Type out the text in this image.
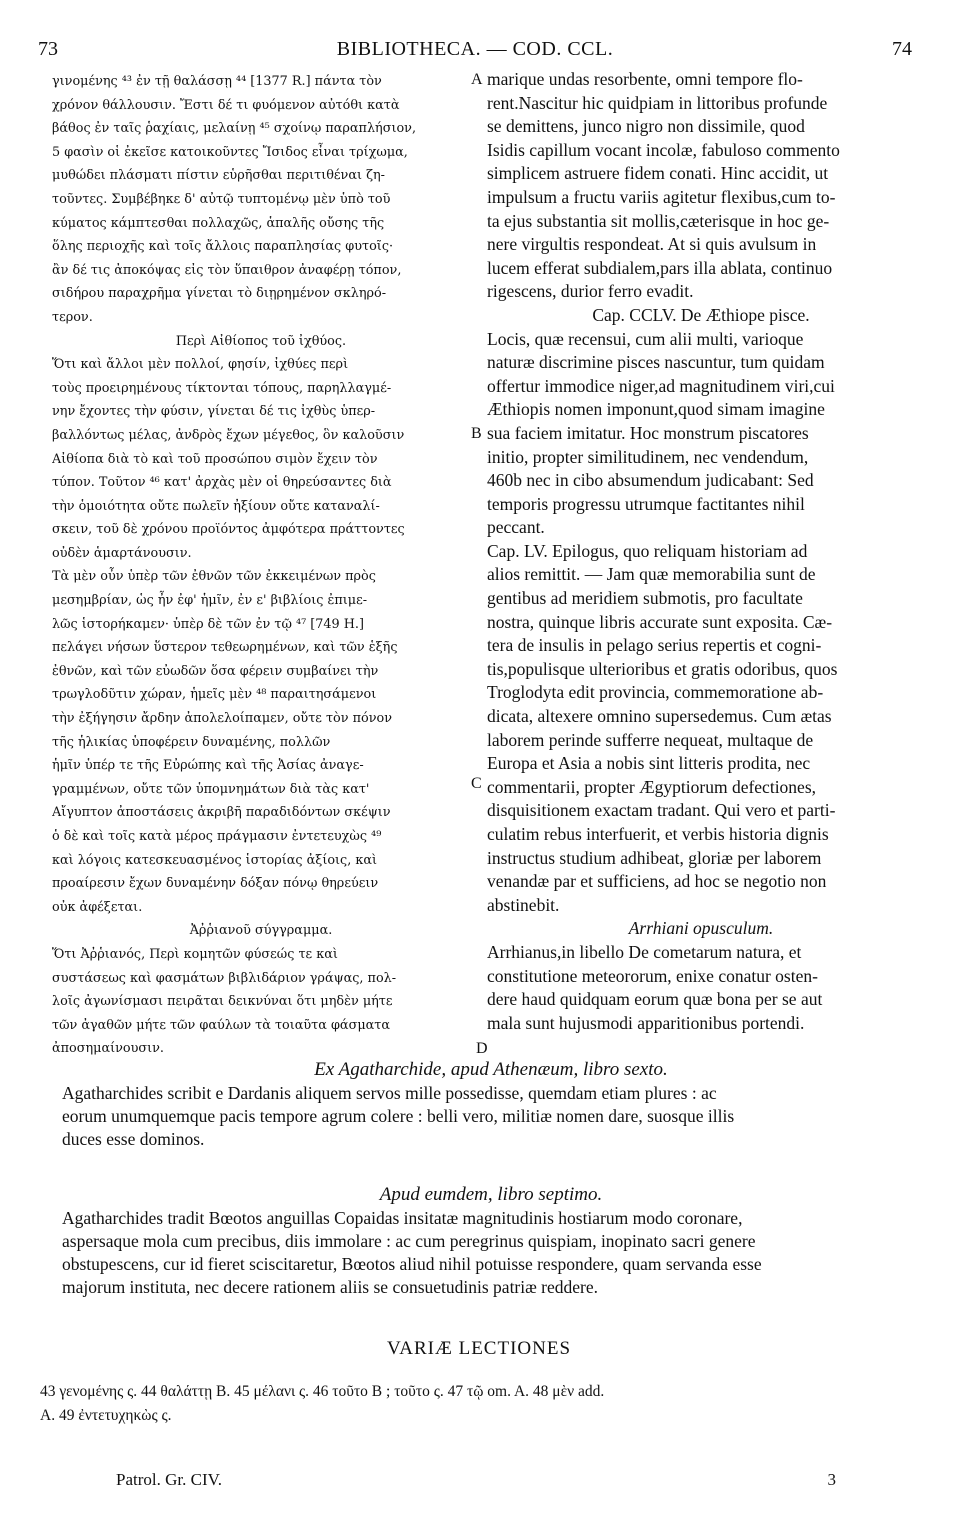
73	BIBLIOTHECA. — COD. CCL.	74
γινομένης ⁴³ ἐν τῇ θαλάσσῃ ⁴⁴ [1377 R.] πάντα τὸν
χρόνον θάλλουσιν. Ἔστι δέ τι φυόμενον αὐτόθι κατὰ
βάθος ἐν ταῖς ῥαχίαις, μελαίνῃ ⁴⁵ σχοίνῳ παραπλήσιον,
5 φασὶν οἱ ἐκεῖσε κατοικοῦντες Ἴσιδος εἶναι τρίχωμα,
μυθώδει πλάσματι πίστιν εὑρῆσθαι περιτιθέναι ζη-
τοῦντες. Συμβέβηκε δ' αὐτῷ τυπτομένῳ μὲν ὑπὸ τοῦ
κύματος κάμπτεσθαι πολλαχῶς, ἁπαλῆς οὔσης τῆς
ὅλης περιοχῆς καὶ τοῖς ἄλλοις παραπλησίας φυτοῖς·
ἂν δέ τις ἀποκόψας εἰς τὸν ὕπαιθρον ἀναφέρῃ τόπον,
σιδήρου παραχρῆμα γίνεται τὸ διῃρημένον σκληρό-
τερον.
Περὶ Αἰθίοπος τοῦ ἰχθύος.
Ὅτι καὶ ἄλλοι μὲν πολλοί, φησίν, ἰχθύες περὶ
τοὺς προειρημένους τίκτονται τόπους, παρηλλαγμέ-
νην ἔχοντες τὴν φύσιν, γίνεται δέ τις ἰχθὺς ὑπερ-
βαλλόντως μέλας, ἀνδρὸς ἔχων μέγεθος, ὃν καλοῦσιν
Αἰθίοπα διὰ τὸ καὶ τοῦ προσώπου σιμὸν ἔχειν τὸν
τύπον. Τοῦτον ⁴⁶ κατ' ἀρχὰς μὲν οἱ θηρεύσαντες διὰ
τὴν ὁμοιότητα οὔτε πωλεῖν ἠξίουν οὔτε καταναλί-
σκειν, τοῦ δὲ χρόνου προϊόντος ἀμφότερα πράττοντες
οὐδὲν ἁμαρτάνουσιν.
Τὰ μὲν οὖν ὑπὲρ τῶν ἐθνῶν τῶν ἐκκειμένων πρὸς
μεσημβρίαν, ὡς ἦν ἐφ' ἡμῖν, ἐν ε' βιβλίοις ἐπιμε-
λῶς ἱστορήκαμεν· ὑπὲρ δὲ τῶν ἐν τῷ ⁴⁷ [749 H.]
πελάγει νήσων ὕστερον τεθεωρημένων, καὶ τῶν ἑξῆς
ἐθνῶν, καὶ τῶν εὐωδῶν ὅσα φέρειν συμβαίνει τὴν
τρωγλοδῦτιν χώραν, ἡμεῖς μὲν ⁴⁸ παραιτησάμενοι
τὴν ἐξήγησιν ἄρδην ἀπολελοίπαμεν, οὔτε τὸν πόνον
τῆς ἡλικίας ὑποφέρειν δυναμένης, πολλῶν
ἡμῖν ὑπέρ τε τῆς Εὐρώπης καὶ τῆς Ἀσίας ἀναγε-
γραμμένων, οὔτε τῶν ὑπομνημάτων διὰ τὰς κατ'
Αἴγυπτον ἀποστάσεις ἀκριβῆ παραδιδόντων σκέψιν
ὁ δὲ καὶ τοῖς κατὰ μέρος πράγμασιν ἐντετευχὼς ⁴⁹
καὶ λόγοις κατεσκευασμένος ἱστορίας ἀξίοις, καὶ
προαίρεσιν ἔχων δυναμένην δόξαν πόνῳ θηρεύειν
οὐκ ἀφέξεται.
Ἀῤῥιανοῦ σύγγραμμα.
Ὅτι Ἀῤῥιανός, Περὶ κομητῶν φύσεώς τε καὶ
συστάσεως καὶ φασμάτων βιβλιδάριον γράψας, πολ-
λοῖς ἀγωνίσμασι πειρᾶται δεικνύναι ὅτι μηδὲν μήτε
τῶν ἀγαθῶν μήτε τῶν φαύλων τὰ τοιαῦτα φάσματα
ἀποσημαίνουσιν.
marique undas resorbente, omni tempore flo-
rent.Nascitur hic quidpiam in littoribus profunde
se demittens, junco nigro non dissimile, quod
Isidis capillum vocant incolæ, fabuloso commento
simplicem astruere fidem conati. Hinc accidit, ut
impulsum a fructu variis agitetur flexibus,cum to-
ta ejus substantia sit mollis,cæterisque in hoc ge-
nere virgultis respondeat. At si quis avulsum in
lucem efferat subdialem,pars illa ablata, continuo
rigescens, durior ferro evadit.
Cap. CCLV. De Æthiope pisce.
Locis, quæ recensui, cum alii multi, varioque
naturæ discrimine pisces nascuntur, tum quidam
offertur immodice niger,ad magnitudinem viri,cui
Æthiopis nomen imponunt,quod simam imagine
sua faciem imitatur. Hoc monstrum piscatores
initio, propter similitudinem, nec vendendum,
460b nec in cibo absumendum judicabant: Sed
temporis progressu utrumque factitantes nihil
peccant.
Cap. LV. Epilogus, quo reliquam historiam ad
alios remittit. — Jam quæ memorabilia sunt de
gentibus ad meridiem submotis, pro facultate
nostra, quinque libris accurate sunt exposita. Cæ-
tera de insulis in pelago serius repertis et cogni-
tis,populisque ulterioribus et gratis odoribus, quos
Troglodyta edit provincia, commemoratione ab-
dicata, altexere omnino supersedemus. Cum ætas
laborem perinde sufferre nequeat, multaque de
Europa et Asia a nobis sint litteris prodita, nec
commentarii, propter Ægyptiorum defectiones,
disquisitionem exactam tradant. Qui vero et parti-
culatim rebus interfuerit, et verbis historia dignis
instructus studium adhibeat, gloriæ per laborem
venandæ par et sufficiens, ad hoc se negotio non
abstinebit.
Arrhiani opusculum.
Arrhianus,in libello De cometarum natura, et
constitutione meteororum, enixe conatur osten-
dere haud quidquam eorum quæ bona per se aut
mala sunt hujusmodi apparitionibus portendi.
A
B
C
D
Ex Agatharchide, apud Athenæum, libro sexto.
Agatharchides scribit e Dardanis aliquem servos mille possedisse, quemdam etiam plures : ac
eorum unumquemque pacis tempore agrum colere : belli vero, militiæ nomen dare, suosque illis
duces esse dominos.
Apud eumdem, libro septimo.
Agatharchides tradit Bœotos anguillas Copaidas insitatæ magnitudinis hostiarum modo coronare,
aspersaque mola cum precibus, diis immolare : ac cum peregrinus quispiam, inopinato sacri genere
obstupescens, cur id fieret sciscitaretur, Bœotos aliud nihil potuisse respondere, quam servanda esse
majorum instituta, nec decere rationem aliis se consuetudinis patriæ reddere.
VARIÆ LECTIONES
43 γενομένης ς. 44 θαλάττῃ B. 45 μέλανι ς. 46 τοῦτο B ; τοῦτο ς. 47 τῷ om. A. 48 μὲν add.
A. 49 ἐντετυχηκὼς ς.
Patrol. Gr. CIV.	3
